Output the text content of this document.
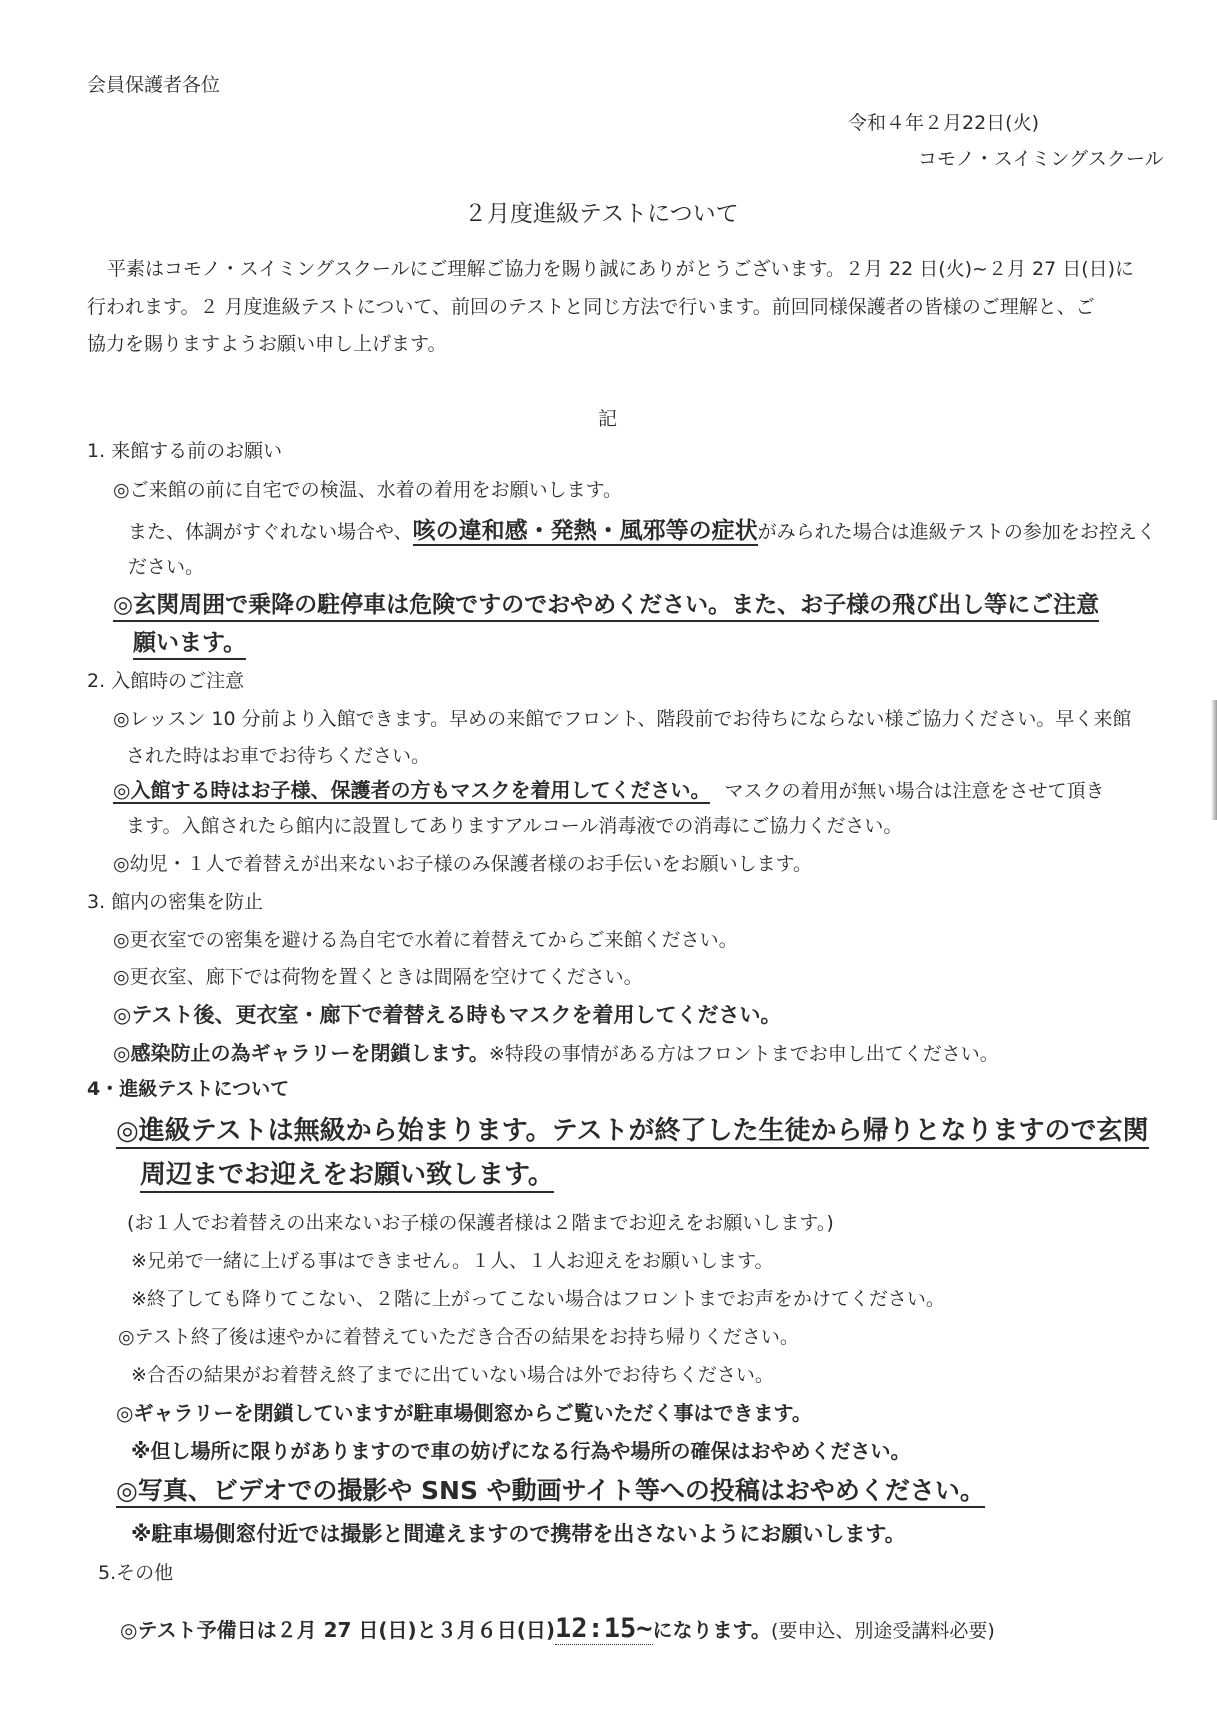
会員保護者各位
令和４年２月22日(火)
コモノ・スイミングスクール
２月度進級テストについて
平素はコモノ・スイミングスクールにご理解ご協力を賜り誠にありがとうございます。２月 22 日(火)~２月 27 日(日)に
行われます。２ 月度進級テストについて、前回のテストと同じ方法で行います。前回同様保護者の皆様のご理解と、ご
協力を賜りますようお願い申し上げます。
記
1. 来館する前のお願い
◎ご来館の前に自宅での検温、水着の着用をお願いします。
また、体調がすぐれない場合や、咳の違和感・発熱・風邪等の症状がみられた場合は進級テストの参加をお控えく
ださい。
◎玄関周囲で乗降の駐停車は危険ですのでおやめください。また、お子様の飛び出し等にご注意
願います。
2. 入館時のご注意
◎レッスン 10 分前より入館できます。早めの来館でフロント、階段前でお待ちにならない様ご協力ください。早く来館
された時はお車でお待ちください。
◎入館する時はお子様、保護者の方もマスクを着用してください。 マスクの着用が無い場合は注意をさせて頂き
ます。入館されたら館内に設置してありますアルコール消毒液での消毒にご協力ください。
◎幼児・１人で着替えが出来ないお子様のみ保護者様のお手伝いをお願いします。
3. 館内の密集を防止
◎更衣室での密集を避ける為自宅で水着に着替えてからご来館ください。
◎更衣室、廊下では荷物を置くときは間隔を空けてください。
◎テスト後、更衣室・廊下で着替える時もマスクを着用してください。
◎感染防止の為ギャラリーを閉鎖します。※特段の事情がある方はフロントまでお申し出てください。
4・進級テストについて
◎進級テストは無級から始まります。テストが終了した生徒から帰りとなりますので玄関
周辺までお迎えをお願い致します。
(お１人でお着替えの出来ないお子様の保護者様は２階までお迎えをお願いします。)
※兄弟で一緒に上げる事はできません。１人、１人お迎えをお願いします。
※終了しても降りてこない、２階に上がってこない場合はフロントまでお声をかけてください。
◎テスト終了後は速やかに着替えていただき合否の結果をお持ち帰りください。
※合否の結果がお着替え終了までに出ていない場合は外でお待ちください。
◎ギャラリーを閉鎖していますが駐車場側窓からご覧いただく事はできます。
※但し場所に限りがありますので車の妨げになる行為や場所の確保はおやめください。
◎写真、ビデオでの撮影や SNS や動画サイト等への投稿はおやめください。
※駐車場側窓付近では撮影と間違えますので携帯を出さないようにお願いします。
5.その他
◎テスト予備日は２月 27 日(日)と３月６日(日)12:15~になります。(要申込、別途受講料必要)
